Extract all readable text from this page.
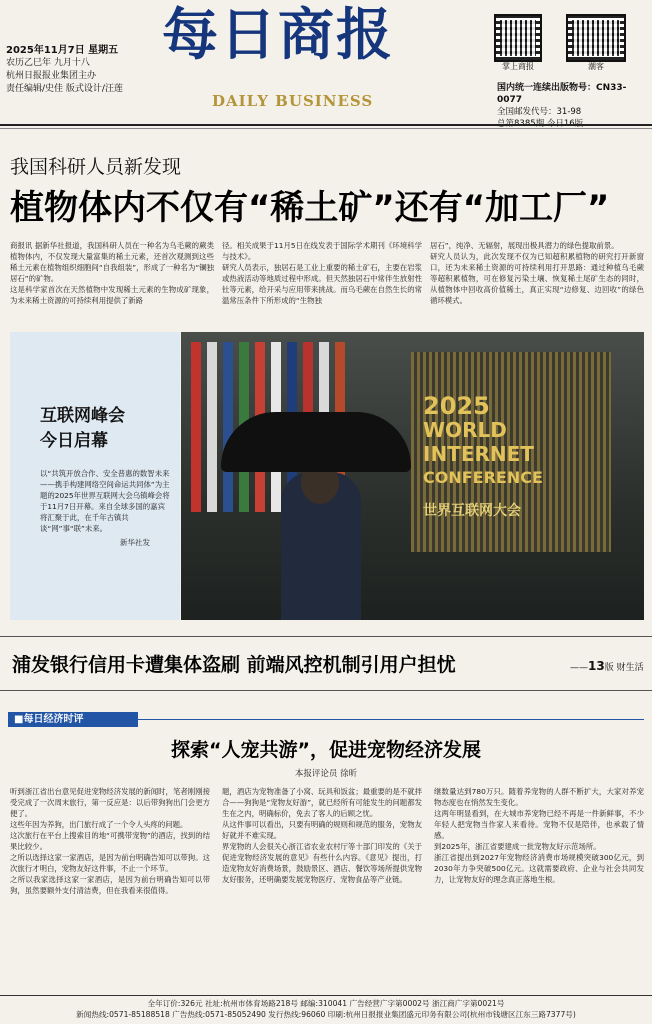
2025年11月7日 星期五
农历乙巳年 九月十八
杭州日报报业集团主办
责任编辑/史佳 版式设计/汪莲
每日商报
DAILY BUSINESS
掌上商报	潮客
国内统一连续出版物号：CN33-0077
全国邮发代号：31-98
我国科研人员新发现
植物体内不仅有“稀土矿”还有“加工厂”
商报讯 据新华社报道，我国科研人员在一种名为乌毛蕨的蕨类植物体内，不仅发现大量富集的稀土元素，还首次观测到这些稀土元素在植物组织细胞间“自我组装”，形成了一种名为“镧独居石”的矿物。
这是科学家首次在天然植物中发现稀土元素的生物成矿现象，为未来稀土资源的可持续利用提供了新路
径。相关成果于11月5日在线发表于国际学术期刊《环境科学与技术》。
研究人员表示，独居石是工业上重要的稀土矿石，主要在岩浆或热液活动等地质过程中形成。但天然独居石中常伴生放射性钍等元素，给开采与应用带来挑战。而乌毛蕨在自然生长的常温常压条件下所形成的“生物独
居石”，纯净、无辐射，展现出极具潜力的绿色提取前景。
研究人员认为，此次发现不仅为已知超积累植物的研究打开新窗口，还为未来稀土资源的可持续利用打开思路：通过种植乌毛蕨等超积累植物，可在修复污染土壤、恢复稀土尾矿生态的同时，从植物体中回收高价值稀土，真正实现“边修复、边回收”的绿色循环模式。
互联网峰会
今日启幕
以“共筑开放合作、安全普惠的数智未来——携手构建网络空间命运共同体”为主题的2025年世界互联网大会乌镇峰会将于11月7日开幕。来自全球多国的嘉宾将汇聚于此，在千年古镇共谈“网”事“联”未来。
新华社发
2025
WORLD
INTERNET
CONFERENCE
世界互联网大会
浦发银行信用卡遭集体盗刷 前端风控机制引用户担忧	——13版 财生活
■每日经济时评
探索“人宠共游”，促进宠物经济发展
本报评论员 徐昕
听到浙江省出台意见促进宠物经济发展的新闻时，笔者刚刚接受完成了一次周末旅行，第一反应是：以后带狗狗出门会更方便了。
这些年因为养狗，出门旅行成了一个令人头疼的问题。
这次旅行在平台上搜索目的地“可携带宠物”的酒店，找到的结果比较少。
之所以选择这家一家酒店，是因为前台明确告知可以带狗。这次旅行才明白，宠物友好这件事，不止一个环节。
之所以我家选择这家一家酒店，是因为前台明确告知可以带狗，虽然要额外支付清洁费，但在我看来很值得。
题，酒店为宠物准备了小窝、玩具和饭盆；最重要的是不就拌合——狗狗是“宠物友好游”，就已经所有可能发生的问题都发生在之内，明确标价，免去了客人的后顾之忧。
从这件事可以看出，只要有明确的规则和规范的服务，宠物友好就并不难实现。
界宠物的人会很关心浙江省农业农村厅等十部门印发的《关于促进宠物经济发展的意见》有些什么内容。《意见》提出，打造宠物友好消费场景，鼓励景区、酒店、餐饮等场所提供宠物友好服务，还明确要发展宠物医疗、宠物食品等产业链。
继数量达到780万只。随着养宠物的人群不断扩大，大家对养宠物态度也在悄然发生变化。
这两年明显看到，在大城市养宠物已经不再是一件新鲜事，不少年轻人把宠物当作家人来看待。宠物不仅是陪伴，也承载了情感。
到2025年，浙江省要建成一批宠物友好示范场所。
浙江省提出到2027年宠物经济消费市场规模突破300亿元，到2030年力争突破500亿元。这就需要政府、企业与社会共同发力，让宠物友好的理念真正落地生根。
全年订价:326元 社址:杭州市体育场路218号 邮编:310041 广告经营广字第0002号 浙江商广字第0021号
新闻热线:0571-85188518 广告热线:0571-85052490 发行热线:96060 印刷:杭州日报报业集团盛元印务有限公司(杭州市钱塘区江东三路7377号)
